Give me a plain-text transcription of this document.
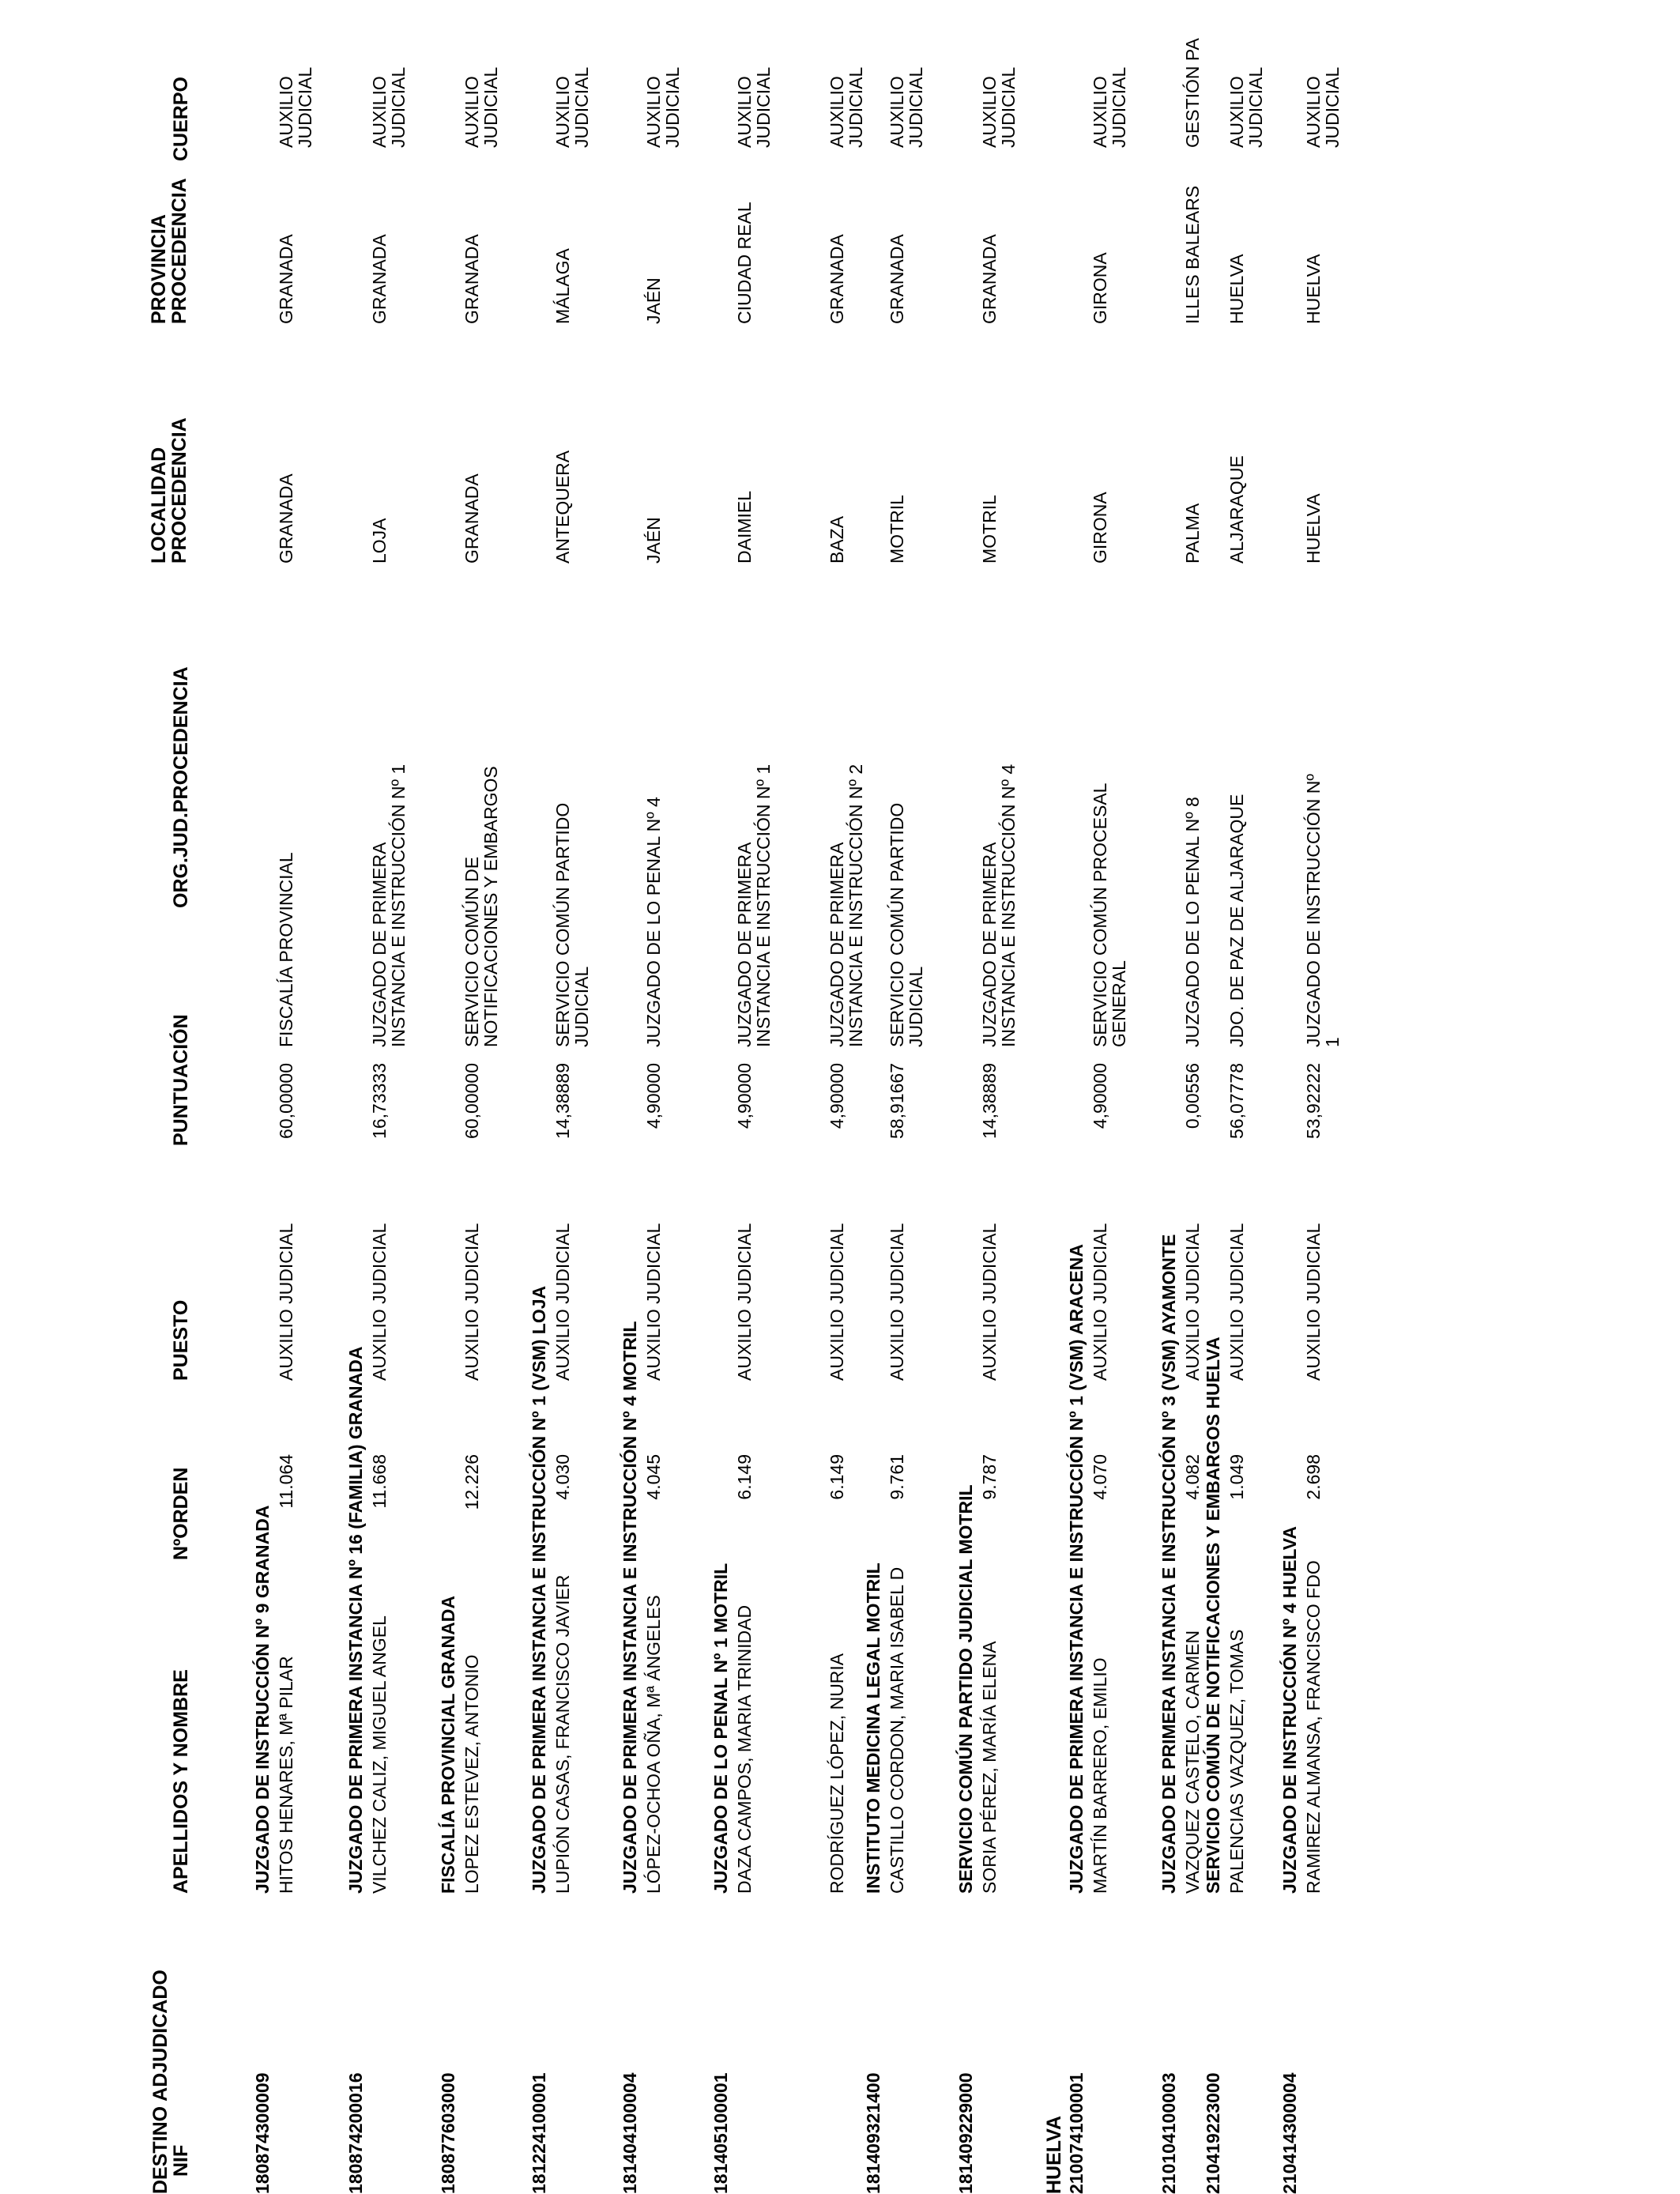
DESTINO ADJUDICADO
NIF
APELLIDOS Y NOMBRE
NºORDEN
PUESTO
PUNTUACIÓN
ORG.JUD.PROCEDENCIA
LOCALIDAD
PROCEDENCIA
PROVINCIA
PROCEDENCIA
CUERPO
HUELVA
180874300009
JUZGADO DE INSTRUCCIÓN Nº 9 GRANADA HITOS HENARES, Mª PILAR
11.064
AUXILIO JUDICIAL
60,00000
FISCALÍA PROVINCIAL
GRANADA
GRANADA
AUXILIO
JUDICIAL
180874200016
JUZGADO DE PRIMERA INSTANCIA Nº 16 (FAMILIA) GRANADA VILCHEZ CALIZ, MIGUEL ANGEL
11.668
AUXILIO JUDICIAL
16,73333
JUZGADO DE PRIMERA
INSTANCIA E INSTRUCCIÓN Nº 1
LOJA
GRANADA
AUXILIO
JUDICIAL
180877603000
FISCALÍA PROVINCIAL GRANADA LOPEZ ESTEVEZ, ANTONIO
12.226
AUXILIO JUDICIAL
60,00000
SERVICIO COMÚN DE
NOTIFICACIONES Y EMBARGOS
GRANADA
GRANADA
AUXILIO
JUDICIAL
181224100001
JUZGADO DE PRIMERA INSTANCIA E INSTRUCCIÓN Nº 1 (VSM) LOJA LUPIÓN CASAS, FRANCISCO JAVIER
4.030
AUXILIO JUDICIAL
14,38889
SERVICIO COMÚN PARTIDO
JUDICIAL
ANTEQUERA
MÁLAGA
AUXILIO
JUDICIAL
181404100004
JUZGADO DE PRIMERA INSTANCIA E INSTRUCCIÓN Nº 4 MOTRIL LÓPEZ-OCHOA OÑA, Mª ÁNGELES
4.045
AUXILIO JUDICIAL
4,90000
JUZGADO DE LO PENAL Nº 4
JAÉN
JAÉN
AUXILIO
JUDICIAL
181405100001
JUZGADO DE LO PENAL Nº 1 MOTRIL DAZA CAMPOS, MARIA TRINIDAD
6.149
AUXILIO JUDICIAL
4,90000
JUZGADO DE PRIMERA
INSTANCIA E INSTRUCCIÓN Nº 1
DAIMIEL
CIUDAD REAL
AUXILIO
JUDICIAL
RODRÍGUEZ LÓPEZ, NURIA
6.149
AUXILIO JUDICIAL
4,90000
JUZGADO DE PRIMERA
INSTANCIA E INSTRUCCIÓN Nº 2
BAZA
GRANADA
AUXILIO
JUDICIAL
181409321400
INSTITUTO MEDICINA LEGAL MOTRIL CASTILLO CORDON, MARIA ISABEL D
9.761
AUXILIO JUDICIAL
58,91667
SERVICIO COMÚN PARTIDO
JUDICIAL
MOTRIL
GRANADA
AUXILIO
JUDICIAL
181409229000
SERVICIO COMÚN PARTIDO JUDICIAL MOTRIL SORIA PÉREZ, MARÍA ELENA
9.787
AUXILIO JUDICIAL
14,38889
JUZGADO DE PRIMERA
INSTANCIA E INSTRUCCIÓN Nº 4
MOTRIL
GRANADA
AUXILIO
JUDICIAL
210074100001
JUZGADO DE PRIMERA INSTANCIA E INSTRUCCIÓN Nº 1 (VSM) ARACENA MARTÍN BARRERO, EMILIO
4.070
AUXILIO JUDICIAL
4,90000
SERVICIO COMÚN PROCESAL
GENERAL
GIRONA
GIRONA
AUXILIO
JUDICIAL
210104100003
JUZGADO DE PRIMERA INSTANCIA E INSTRUCCIÓN Nº 3 (VSM) AYAMONTE VAZQUEZ CASTELO, CARMEN
4.082
AUXILIO JUDICIAL
0,00556
JUZGADO DE LO PENAL Nº 8
PALMA
ILLES BALEARS
GESTIÓN PA
210419223000
SERVICIO COMÚN DE NOTIFICACIONES Y EMBARGOS HUELVA PALENCIAS VAZQUEZ, TOMAS
1.049
AUXILIO JUDICIAL
56,07778
JDO. DE PAZ DE ALJARAQUE
ALJARAQUE
HUELVA
AUXILIO
JUDICIAL
210414300004
JUZGADO DE INSTRUCCIÓN Nº 4 HUELVA RAMIREZ ALMANSA, FRANCISCO FDO
2.698
AUXILIO JUDICIAL
53,92222
JUZGADO DE INSTRUCCIÓN Nº
1
HUELVA
HUELVA
AUXILIO
JUDICIAL
